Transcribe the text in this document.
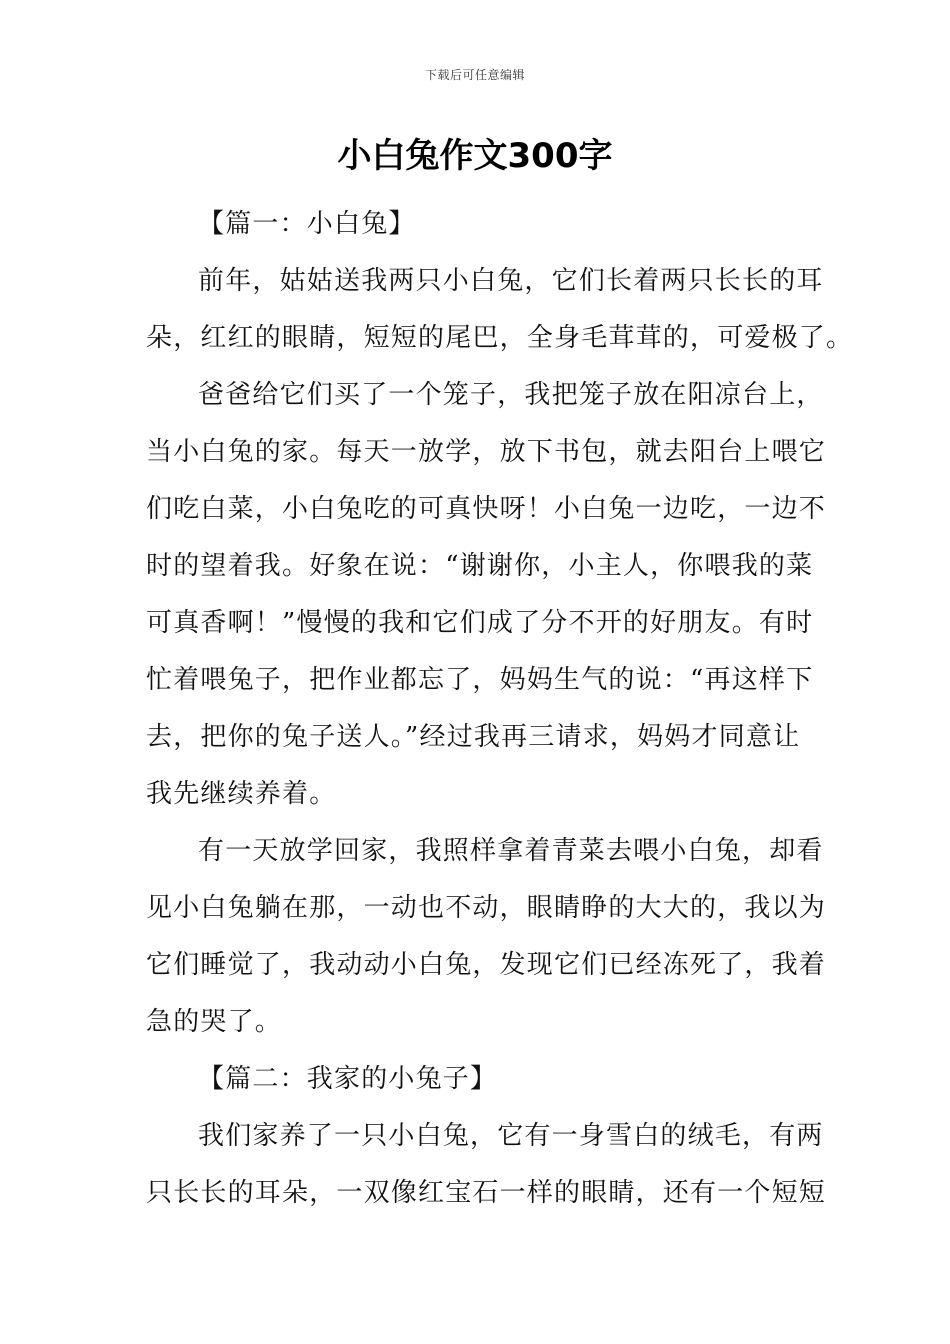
下载后可任意编辑
小白兔作文300字
【篇一：小白兔】
前年，姑姑送我两只小白兔，它们长着两只长长的耳
朵，红红的眼睛，短短的尾巴，全身毛茸茸的，可爱极了。
爸爸给它们买了一个笼子，我把笼子放在阳凉台上，
当小白兔的家。每天一放学，放下书包，就去阳台上喂它
们吃白菜，小白兔吃的可真快呀！小白兔一边吃，一边不
时的望着我。好象在说：“谢谢你，小主人，你喂我的菜
可真香啊！”慢慢的我和它们成了分不开的好朋友。有时
忙着喂兔子，把作业都忘了，妈妈生气的说：“再这样下
去，把你的兔子送人。”经过我再三请求，妈妈才同意让
我先继续养着。
有一天放学回家，我照样拿着青菜去喂小白兔，却看
见小白兔躺在那，一动也不动，眼睛睁的大大的，我以为
它们睡觉了，我动动小白兔，发现它们已经冻死了，我着
急的哭了。
【篇二：我家的小兔子】
我们家养了一只小白兔，它有一身雪白的绒毛，有两
只长长的耳朵，一双像红宝石一样的眼睛，还有一个短短
